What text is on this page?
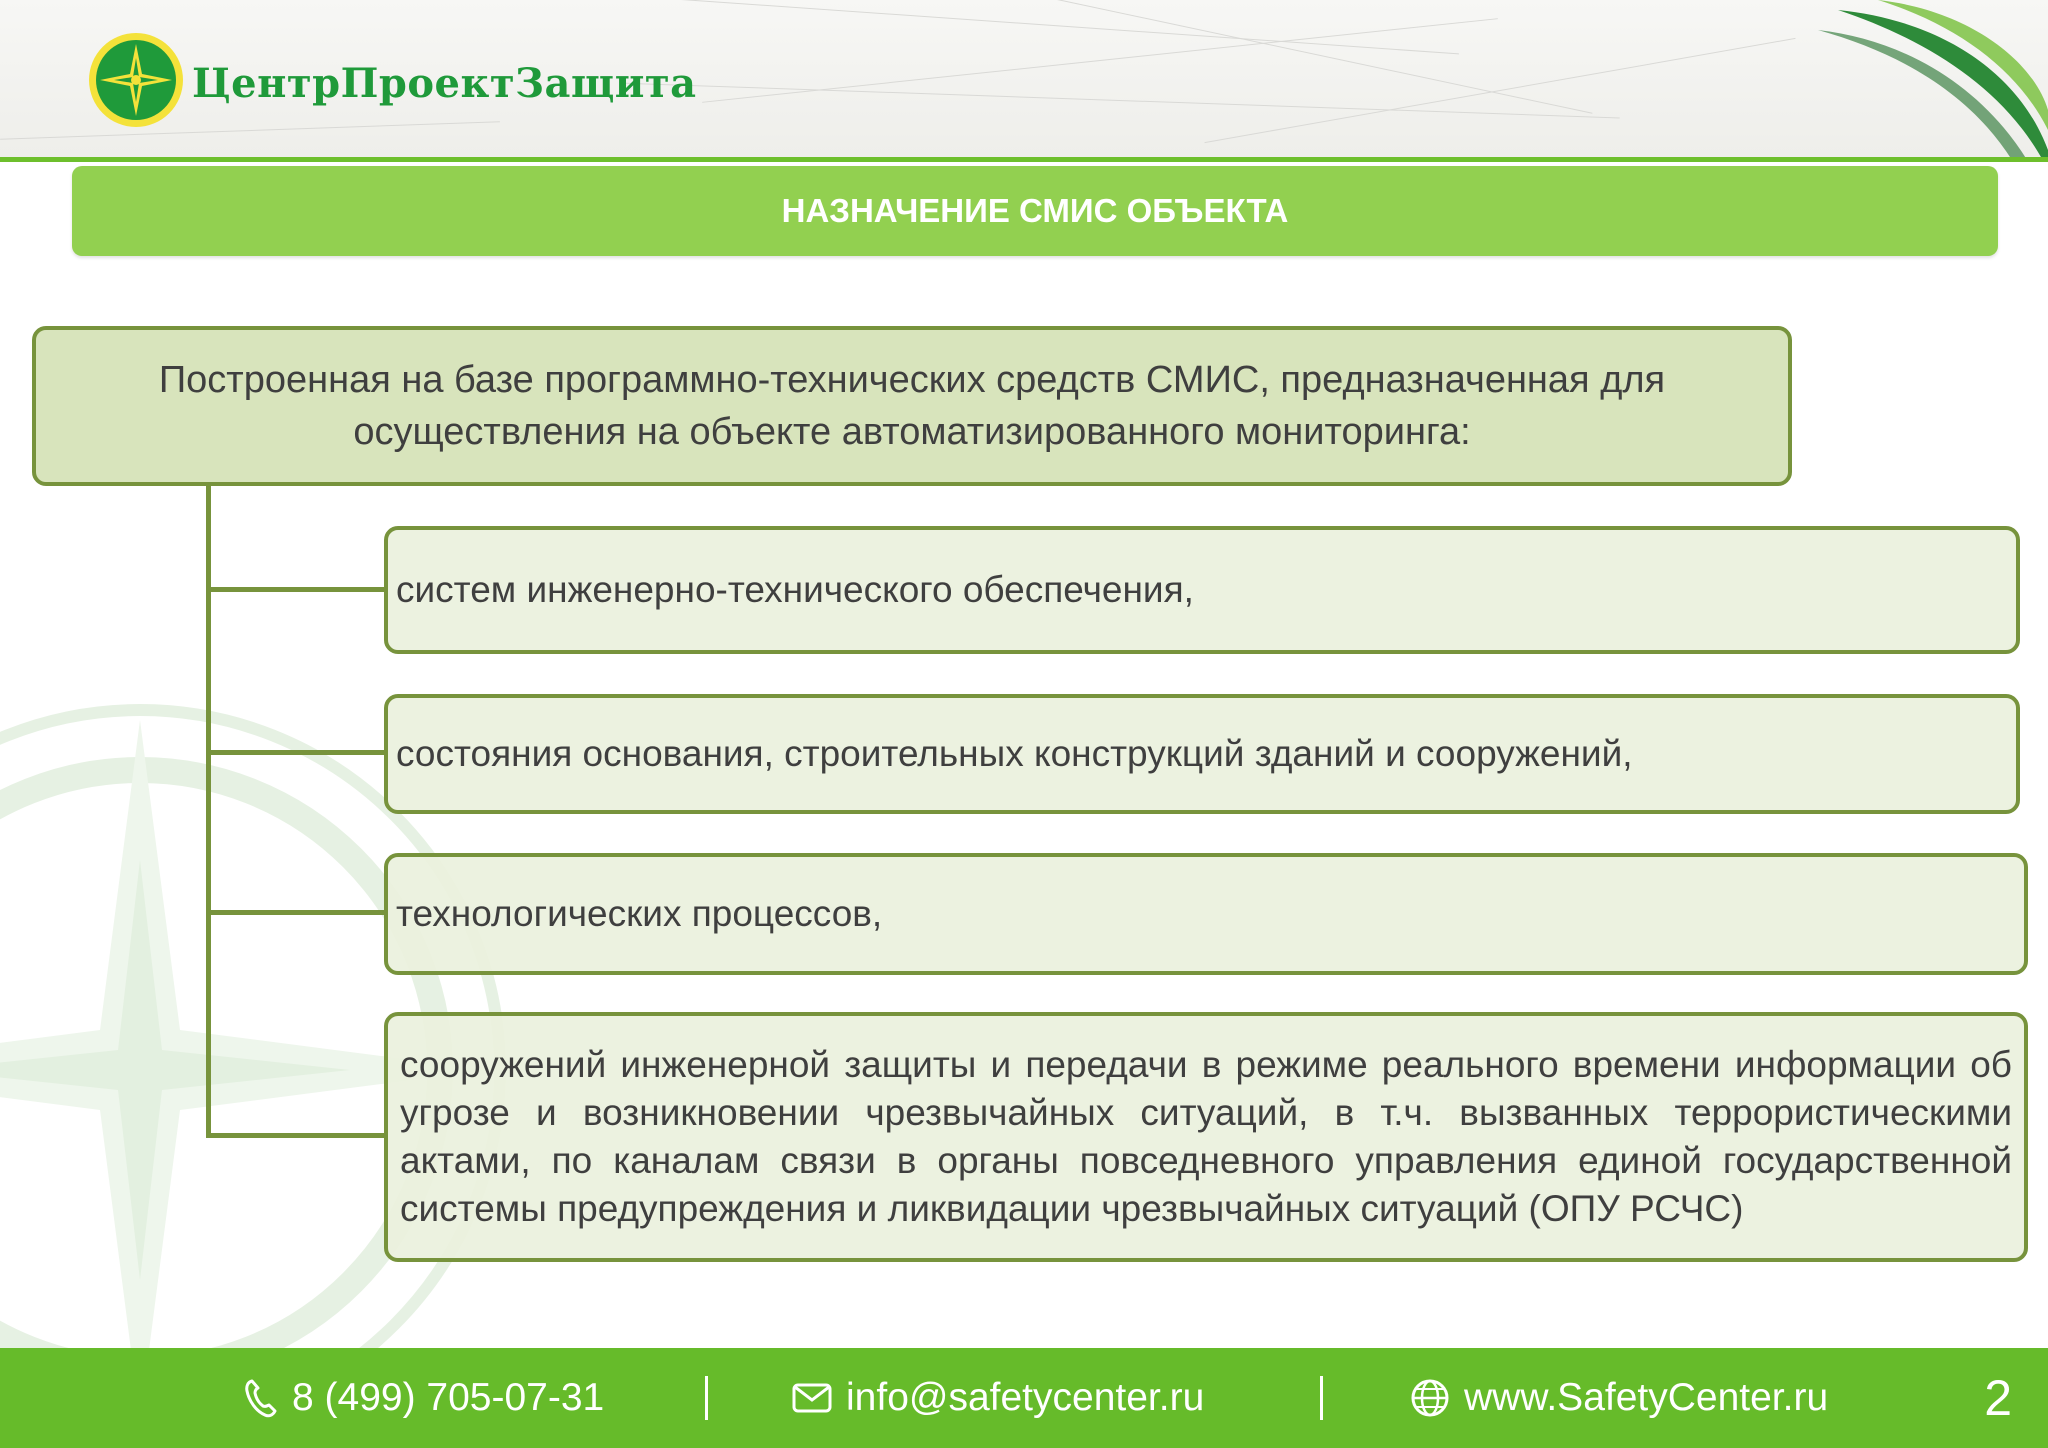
ЦентрПроектЗащита
НАЗНАЧЕНИЕ СМИС ОБЪЕКТА
Построенная на базе программно-технических средств СМИС, предназначенная для осуществления на объекте автоматизированного мониторинга:
систем инженерно-технического обеспечения,
состояния основания, строительных конструкций зданий и сооружений,
технологических процессов,
сооружений инженерной защиты и передачи в режиме реального времени информации об угрозе и возникновении чрезвычайных ситуаций, в т.ч. вызванных террористическими актами, по каналам связи в органы повседневного управления единой государственной системы предупреждения и ликвидации чрезвычайных ситуаций (ОПУ РСЧС)
8 (499) 705-07-31	info@safetycenter.ru	www.SafetyCenter.ru	2
